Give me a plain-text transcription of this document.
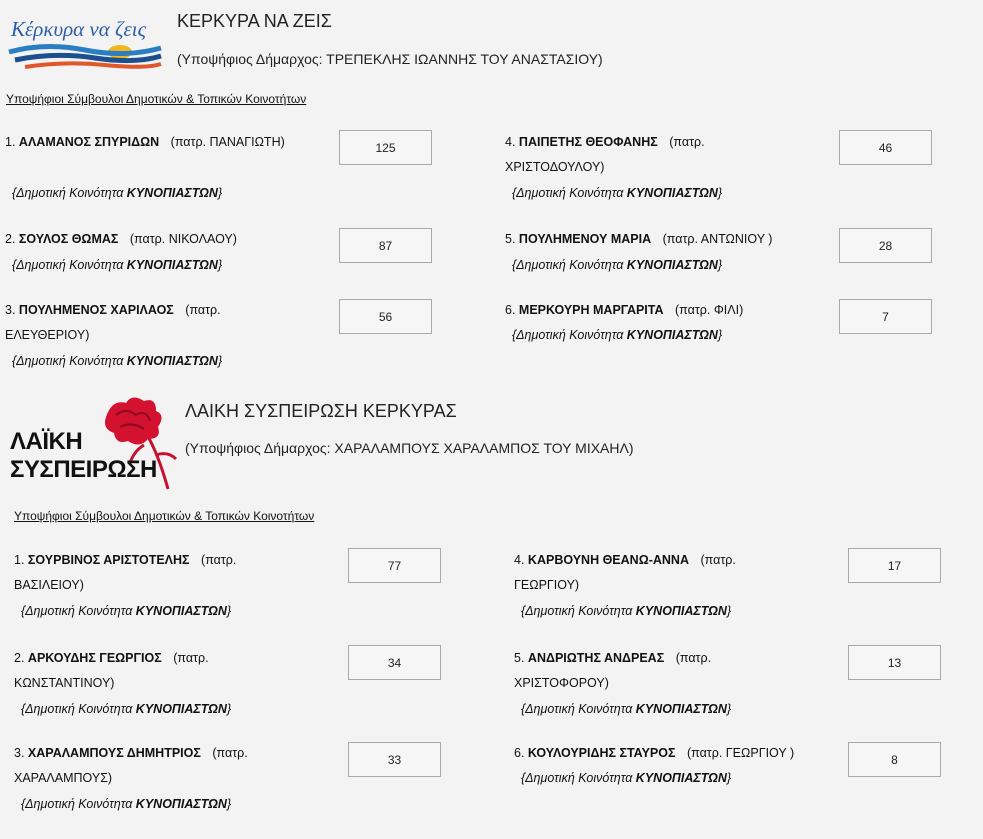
Κέρκυρα να ζεις ΚΕΡΚΥΡΑ ΝΑ ΖΕΙΣ
(Υποψήφιος Δήμαρχος: ΤΡΕΠΕΚΛΗΣ ΙΩΑΝΝΗΣ ΤΟΥ ΑΝΑΣΤΑΣΙΟΥ)
Υποψήφιοι Σύμβουλοι Δημοτικών & Τοπικών Κοινοτήτων
1. ΑΛΑΜΑΝΟΣ ΣΠΥΡΙΔΩΝ (πατρ. ΠΑΝΑΓΙΩΤΗ)
{Δημοτική Κοινότητα ΚΥΝΟΠΙΑΣΤΩΝ}
125
2. ΣΟΥΛΟΣ ΘΩΜΑΣ (πατρ. ΝΙΚΟΛΑΟΥ)
{Δημοτική Κοινότητα ΚΥΝΟΠΙΑΣΤΩΝ}
87
3. ΠΟΥΛΗΜΕΝΟΣ ΧΑΡΙΛΑΟΣ (πατρ. ΕΛΕΥΘΕΡΙΟΥ)
{Δημοτική Κοινότητα ΚΥΝΟΠΙΑΣΤΩΝ}
56
4. ΠΑΙΠΕΤΗΣ ΘΕΟΦΑΝΗΣ (πατρ. ΧΡΙΣΤΟΔΟΥΛΟΥ)
{Δημοτική Κοινότητα ΚΥΝΟΠΙΑΣΤΩΝ}
46
5. ΠΟΥΛΗΜΕΝΟΥ ΜΑΡΙΑ (πατρ. ΑΝΤΩΝΙΟΥ )
{Δημοτική Κοινότητα ΚΥΝΟΠΙΑΣΤΩΝ}
28
6. ΜΕΡΚΟΥΡΗ ΜΑΡΓΑΡΙΤΑ (πατρ. ΦΙΛΙ)
{Δημοτική Κοινότητα ΚΥΝΟΠΙΑΣΤΩΝ}
7
ΛΑΪΚΗ
ΣΥΣΠΕΙΡΩΣΗ
ΛΑΙΚΗ ΣΥΣΠΕΙΡΩΣΗ ΚΕΡΚΥΡΑΣ
(Υποψήφιος Δήμαρχος: ΧΑΡΑΛΑΜΠΟΥΣ ΧΑΡΑΛΑΜΠΟΣ ΤΟΥ ΜΙΧΑΗΛ)
Υποψήφιοι Σύμβουλοι Δημοτικών & Τοπικών Κοινοτήτων
1. ΣΟΥΡΒΙΝΟΣ ΑΡΙΣΤΟΤΕΛΗΣ (πατρ. ΒΑΣΙΛΕΙΟΥ)
{Δημοτική Κοινότητα ΚΥΝΟΠΙΑΣΤΩΝ}
77
2. ΑΡΚΟΥΔΗΣ ΓΕΩΡΓΙΟΣ (πατρ. ΚΩΝΣΤΑΝΤΙΝΟΥ)
{Δημοτική Κοινότητα ΚΥΝΟΠΙΑΣΤΩΝ}
34
3. ΧΑΡΑΛΑΜΠΟΥΣ ΔΗΜΗΤΡΙΟΣ (πατρ. ΧΑΡΑΛΑΜΠΟΥΣ)
{Δημοτική Κοινότητα ΚΥΝΟΠΙΑΣΤΩΝ}
33
4. ΚΑΡΒΟΥΝΗ ΘΕΑΝΩ-ΑΝΝΑ (πατρ. ΓΕΩΡΓΙΟΥ)
{Δημοτική Κοινότητα ΚΥΝΟΠΙΑΣΤΩΝ}
17
5. ΑΝΔΡΙΩΤΗΣ ΑΝΔΡΕΑΣ (πατρ. ΧΡΙΣΤΟΦΟΡΟΥ)
{Δημοτική Κοινότητα ΚΥΝΟΠΙΑΣΤΩΝ}
13
6. ΚΟΥΛΟΥΡΙΔΗΣ ΣΤΑΥΡΟΣ (πατρ. ΓΕΩΡΓΙΟΥ )
{Δημοτική Κοινότητα ΚΥΝΟΠΙΑΣΤΩΝ}
8
